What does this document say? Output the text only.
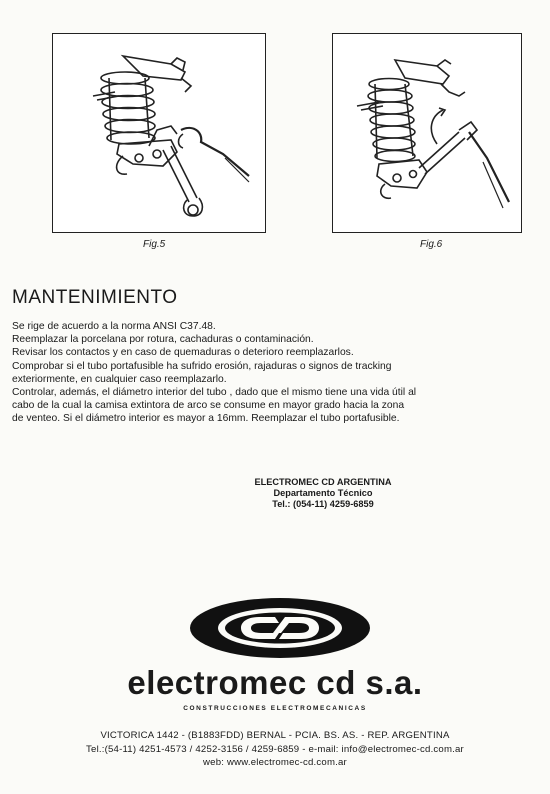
Fig.5	Fig.6
MANTENIMIENTO

Se rige de acuerdo a la norma ANSI C37.48.

Reemplazar la porcelana por rotura, cachaduras o contaminación.

Revisar los contactos y en caso de quemaduras o deterioro reemplazarlos.

Comprobar si el tubo portafusible ha sufrido erosión, rajaduras o signos de tracking

exteriormente, en cualquier caso reemplazarlo.

Controlar, además, el diámetro interior del tubo , dado que el mismo tiene una vida útil al

cabo de la cual la camisa extintora de arco se consume en mayor grado hacia la zona

de venteo. Si el diámetro interior es mayor a 16mm. Reemplazar el tubo portafusible.

ELECTROMEC CD ARGENTINA
Departamento Técnico
Tel.: (054-11) 4259-6859
electromec cd s.a.
CONSTRUCCIONES ELECTROMECANICAS
VICTORICA 1442 - (B1883FDD) BERNAL - PCIA. BS. AS. - REP. ARGENTINA
Tel.:(54-11) 4251-4573 / 4252-3156 / 4259-6859 - e-mail: info@electromec-cd.com.ar
web: www.electromec-cd.com.ar
